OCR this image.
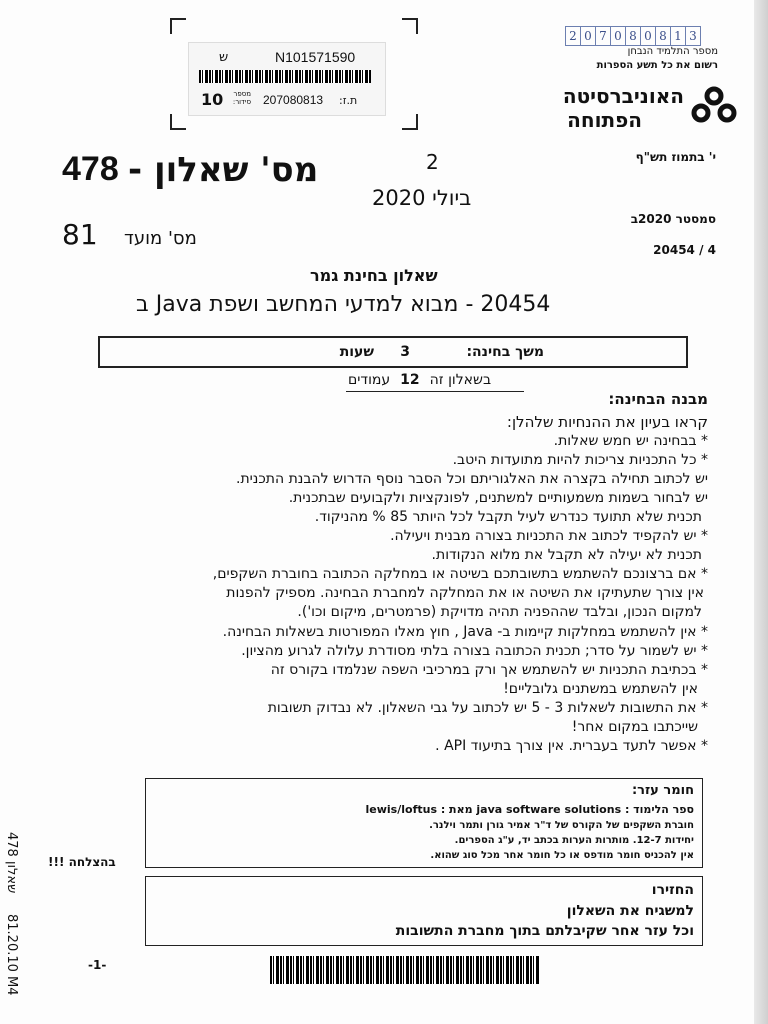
ש	N101571590
10	מספר סידור: 207080813 ת.ז:
2 0 7 0 8 0 8 1 3
מספר התלמיד הנבחן
רשום את כל תשע הספרות
האוניברסיטה
הפתוחה
478 מס' שאלון -	2
ביולי 2020
י' בתמוז תש"ף
סמסטר 2020ב
20454 / 4
81 מס' מועד
שאלון בחינת גמר
20454 - מבוא למדעי המחשב ושפת Java ב
משך בחינה:
3
שעות
בשאלון זה
12
עמודים
מבנה הבחינה:
קראו בעיון את ההנחיות שלהלן:
* בבחינה יש חמש שאלות.
* כל התכניות צריכות להיות מתועדות היטב.
יש לכתוב תחילה בקצרה את האלגוריתם וכל הסבר נוסף הדרוש להבנת התכנית.
יש לבחור בשמות משמעותיים למשתנים, לפונקציות ולקבועים שבתכנית.
תכנית שלא תתועד כנדרש לעיל תקבל לכל היותר 85 % מהניקוד.
* יש להקפיד לכתוב את התכניות בצורה מבנית ויעילה.
תכנית לא יעילה לא תקבל את מלוא הנקודות.
* אם ברצונכם להשתמש בתשובתכם בשיטה או במחלקה הכתובה בחוברת השקפים,
אין צורך שתעתיקו את השיטה או את המחלקה למחברת הבחינה. מספיק להפנות
למקום הנכון, ובלבד שההפניה תהיה מדויקת (פרמטרים, מיקום וכו').
* אין להשתמש במחלקות קיימות ב- Java , חוץ מאלו המפורטות בשאלות הבחינה.
* יש לשמור על סדר; תכנית הכתובה בצורה בלתי מסודרת עלולה לגרוע מהציון.
* בכתיבת התכניות יש להשתמש אך ורק במרכיבי השפה שנלמדו בקורס זה
אין להשתמש במשתנים גלובליים!
* את התשובות לשאלות 3 - 5 יש לכתוב על גבי השאלון. לא נבדוק תשובות
שייכתבו במקום אחר!
* אפשר לתעד בעברית. אין צורך בתיעוד API .
חומר עזר:
ספר הלימוד : java software solutions מאת : lewis/loftus
חוברת השקפים של הקורס של ד"ר אמיר גורן ותמר וילנר.
יחידות 12-7. מותרות הערות בכתב יד, ע"ג הספרים.
אין להכניס חומר מודפס או כל חומר אחר מכל סוג שהוא.
החזירו
למשגיח את השאלון
וכל עזר אחר שקיבלתם בתוך מחברת התשובות
בהצלחה !!!
478 שאלון
81.20.10 M4	-1-
